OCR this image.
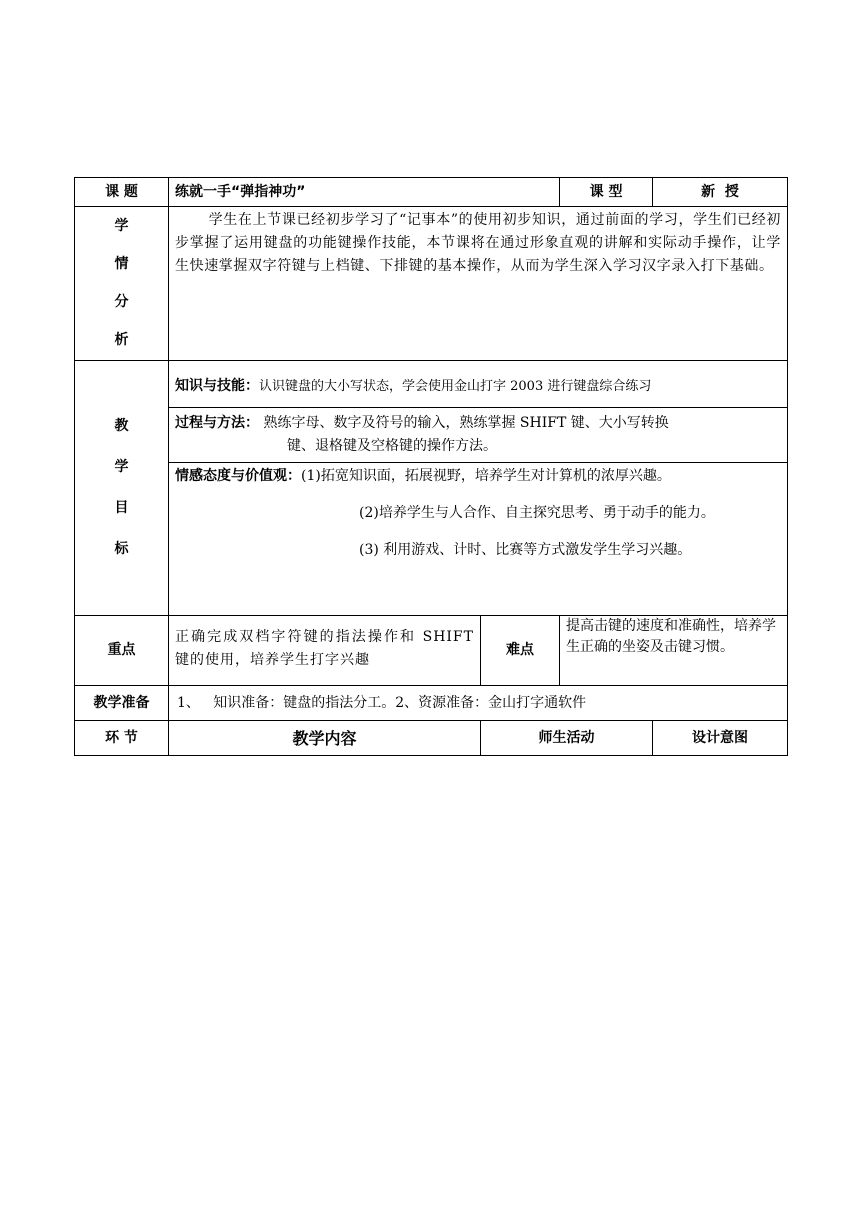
课 题	练就一手“弹指神功”		课 型	新  授

学
情
分
析	学生在上节课已经初步学习了“记事本”的使用初步知识，通过前面的学习，学生们已经初步掌握了运用键盘的功能键操作技能，本节课将在通过形象直观的讲解和实际动手操作，让学生快速掌握双字符键与上档键、下排键的基本操作，从而为学生深入学习汉字录入打下基础。			

教
学
目
标	知识与技能：认识键盘的大小写状态，学会使用金山打字 2003 进行键盘综合练习			

	过程与方法： 熟练字母、数字及符号的输入，熟练掌握 SHIFT 键、大小写转换
键、退格键及空格键的操作方法。			

	情感态度与价值观：(1)拓宽知识面，拓展视野，培养学生对计算机的浓厚兴趣。
(2)培养学生与人合作、自主探究思考、勇于动手的能力。
(3) 利用游戏、计时、比赛等方式激发学生学习兴趣。			

重点	正确完成双档字符键的指法操作和 SHIFT 键的使用，培养学生打字兴趣	难点	提高击键的速度和准确性，培养学生正确的坐姿及击键习惯。	
教学准备	1、   知识准备：键盘的指法分工。2、资源准备：金山打字通软件			
环 节	教学内容	师生活动		设计意图
